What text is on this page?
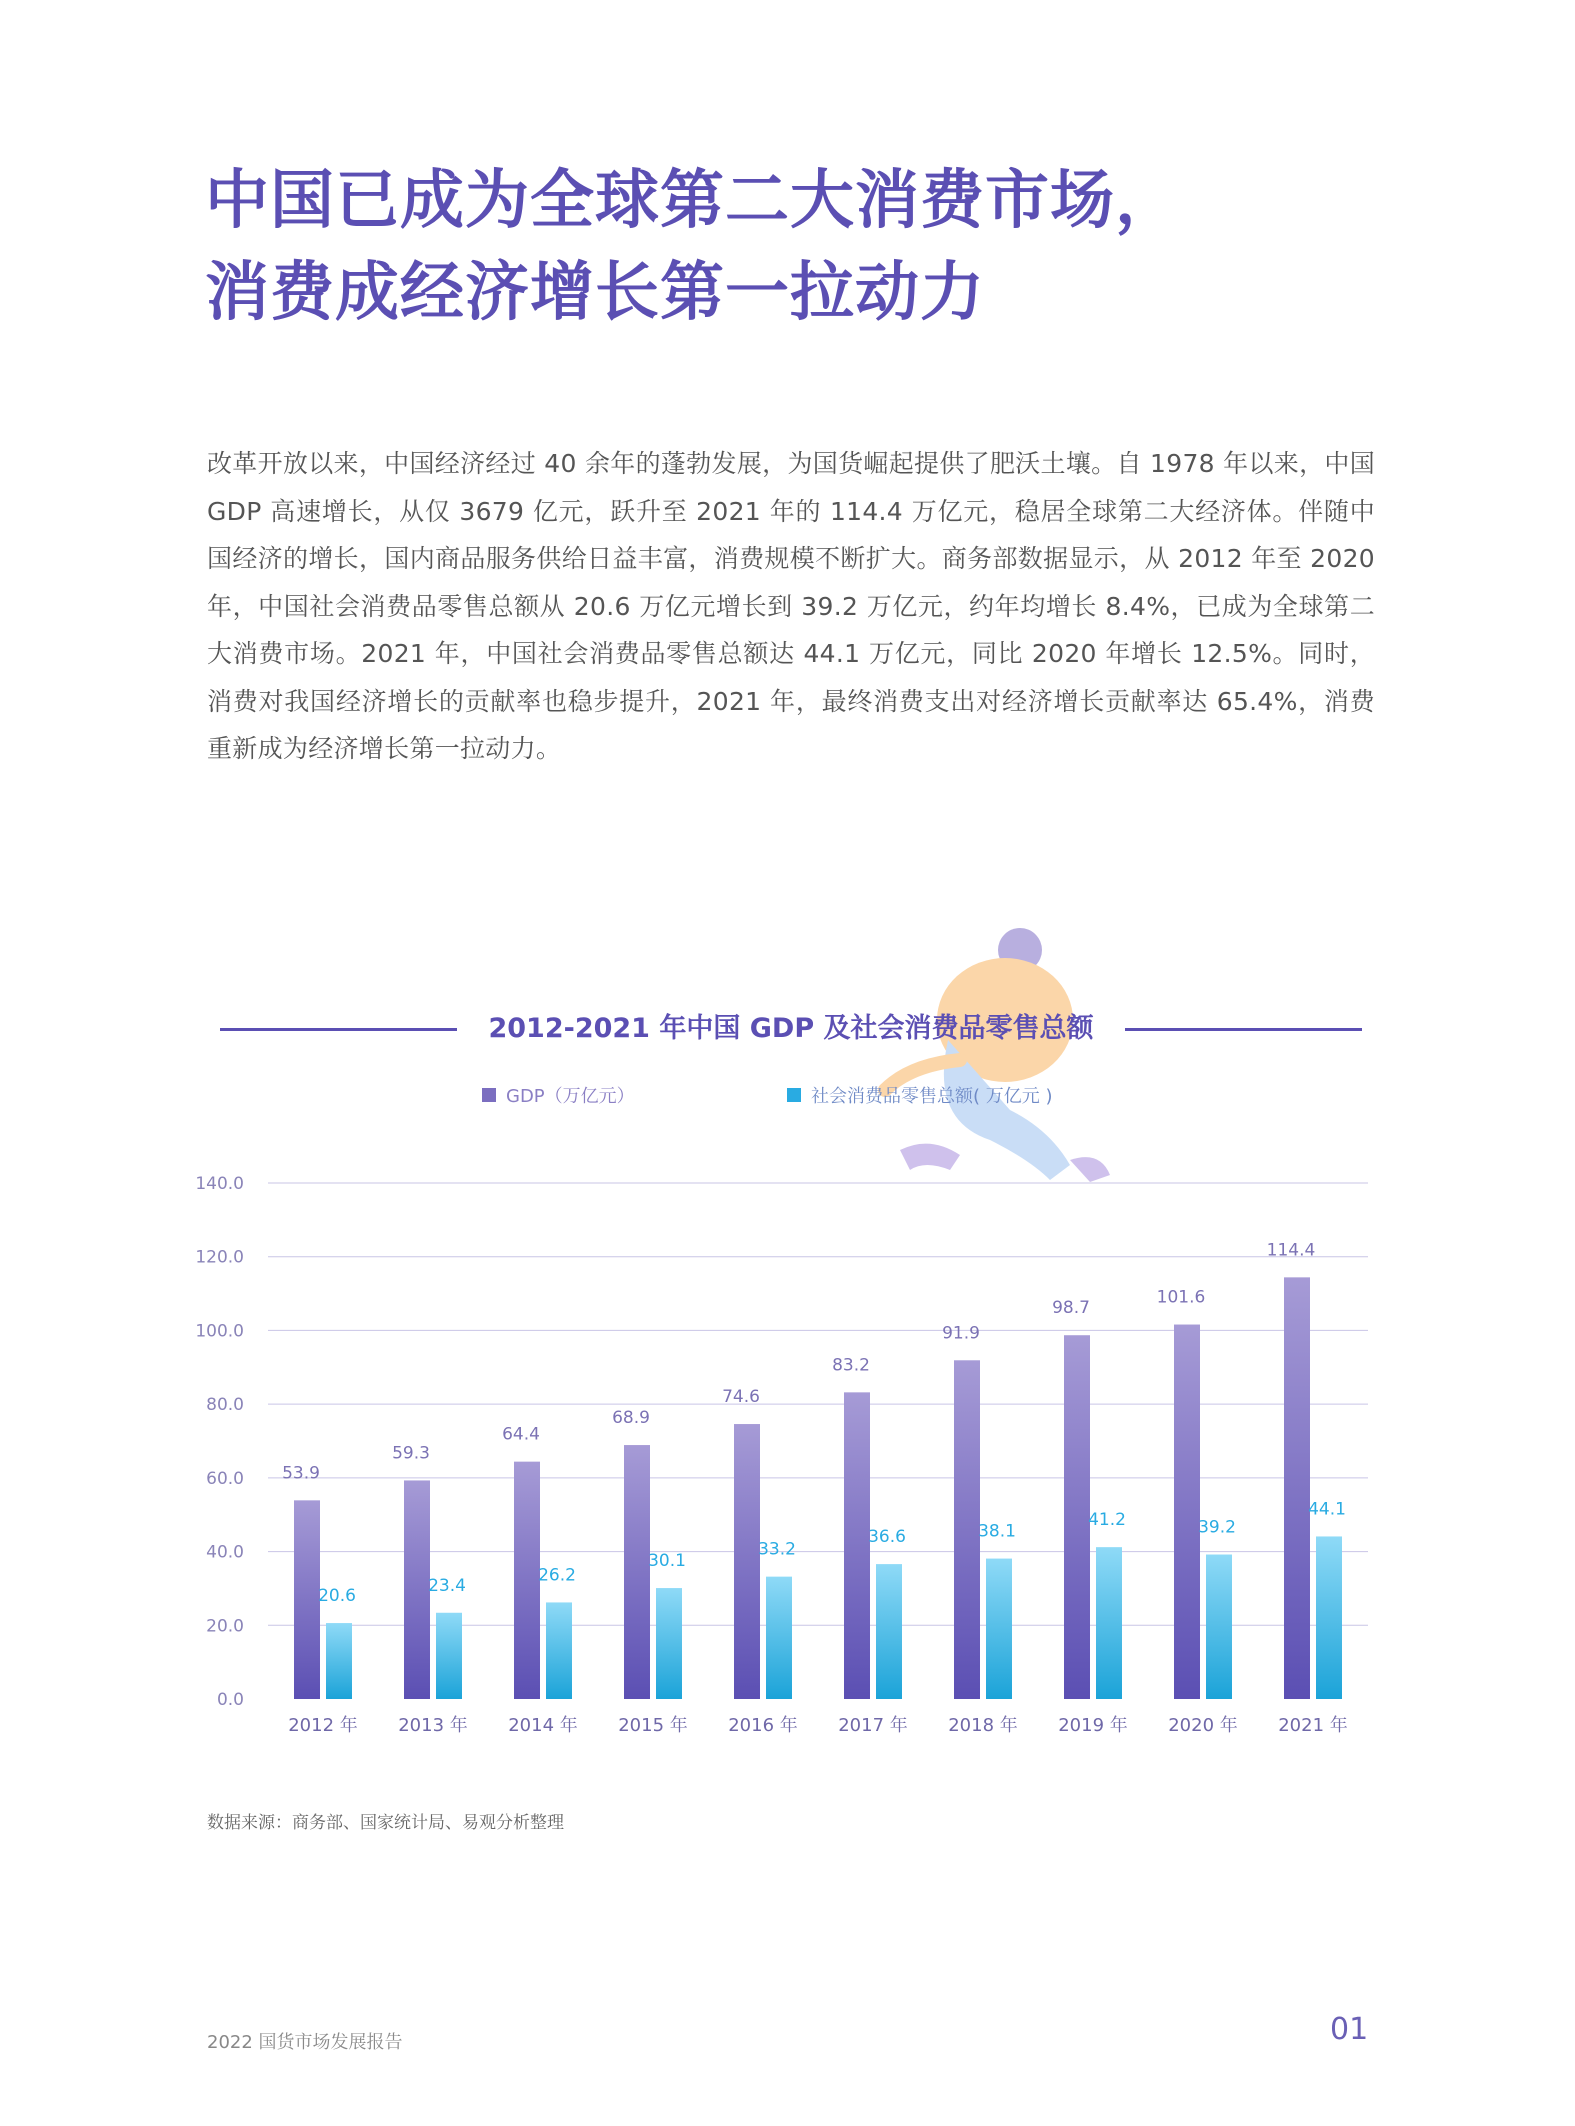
中国已成为全球第二大消费市场，
消费成经济增长第一拉动力

改革开放以来，中国经济经过 40 余年的蓬勃发展，为国货崛起提供了肥沃土壤。自 1978 年以来，中国 GDP 高速增长，从仅 3679 亿元，跃升至 2021 年的 114.4 万亿元，稳居全球第二大经济体。伴随中国经济的增长，国内商品服务供给日益丰富，消费规模不断扩大。商务部数据显示，从 2012 年至 2020 年，中国社会消费品零售总额从 20.6 万亿元增长到 39.2 万亿元，约年均增长 8.4%，已成为全球第二大消费市场。2021 年，中国社会消费品零售总额达 44.1 万亿元，同比 2020 年增长 12.5%。同时，消费对我国经济增长的贡献率也稳步提升，2021 年，最终消费支出对经济增长贡献率达 65.4%，消费重新成为经济增长第一拉动力。

2012-2021 年中国 GDP 及社会消费品零售总额
GDP（万亿元）	社会消费品零售总额( 万亿元 )
0.0
20.0
40.0
60.0
80.0
100.0
120.0
140.0
53.9
20.6
2012 年
59.3
23.4
2013 年
64.4
26.2
2014 年
68.9
30.1
2015 年
74.6
33.2
2016 年
83.2
36.6
2017 年
91.9
38.1
2018 年
98.7
41.2
2019 年
101.6
39.2
2020 年
114.4
44.1
2021 年
数据来源：商务部、国家统计局、易观分析整理
2022 国货市场发展报告	01
